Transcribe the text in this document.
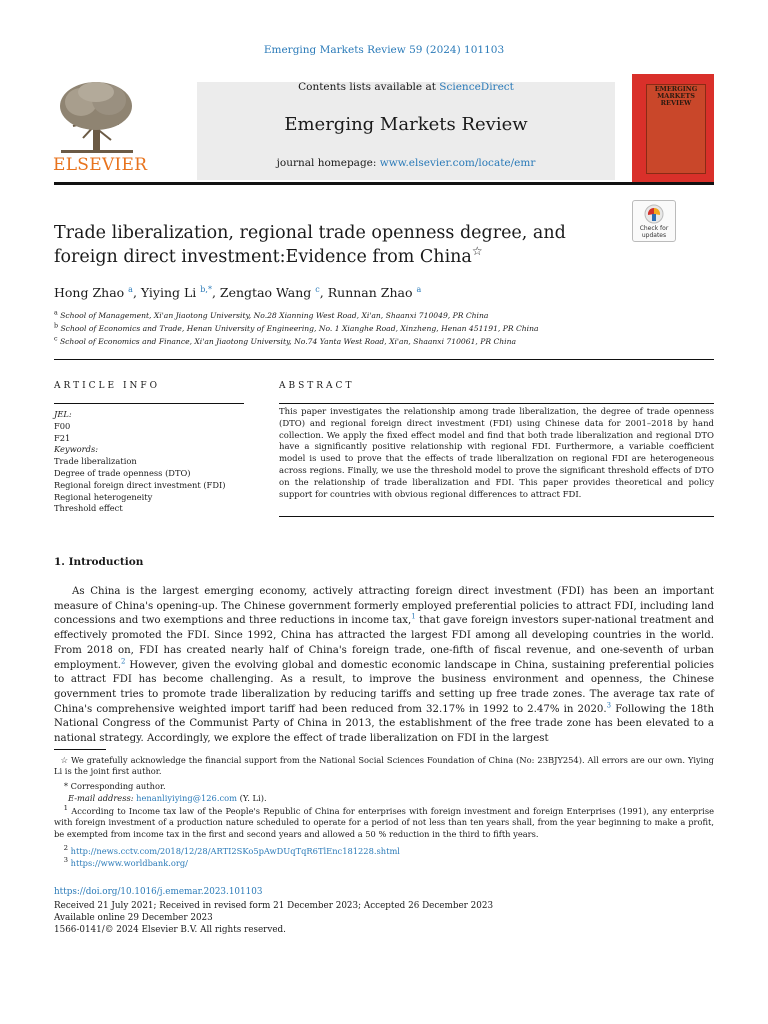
Emerging Markets Review 59 (2024) 101103
ELSEVIER
Contents lists available at ScienceDirect
Emerging Markets Review
journal homepage: www.elsevier.com/locate/emr
EMERGING MARKETS REVIEW
Check for updates
Trade liberalization, regional trade openness degree, and foreign direct investment:Evidence from China☆
Hong Zhao $^a$, Yiying Li $^{b,*}$, Zengtao Wang $^c$, Runnan Zhao $^a$
$^a$ School of Management, Xi'an Jiaotong University, No.28 Xianning West Road, Xi'an, Shaanxi 710049, PR China
$^b$ School of Economics and Trade, Henan University of Engineering, No. 1 Xianghe Road, Xinzheng, Henan 451191, PR China
$^c$ School of Economics and Finance, Xi'an Jiaotong University, No.74 Yanta West Road, Xi'an, Shaanxi 710061, PR China
ARTICLE INFO
JEL:
F00
F21
Keywords:
Trade liberalization
Degree of trade openness (DTO)
Regional foreign direct investment (FDI)
Regional heterogeneity
Threshold effect
ABSTRACT
This paper investigates the relationship among trade liberalization, the degree of trade openness (DTO) and regional foreign direct investment (FDI) using Chinese data for 2001–2018 by hand collection. We apply the fixed effect model and find that both trade liberalization and regional DTO have a significantly positive relationship with regional FDI. Furthermore, a variable coefficient model is used to prove that the effects of trade liberalization on regional FDI are heterogeneous across regions. Finally, we use the threshold model to prove the significant threshold effects of DTO on the relationship of trade liberalization and FDI. This paper provides theoretical and policy support for countries with obvious regional differences to attract FDI.
1. Introduction
As China is the largest emerging economy, actively attracting foreign direct investment (FDI) has been an important measure of China's opening-up. The Chinese government formerly employed preferential policies to attract FDI, including land concessions and two exemptions and three reductions in income tax,$^1$ that gave foreign investors super-national treatment and effectively promoted the FDI. Since 1992, China has attracted the largest FDI among all developing countries in the world. From 2018 on, FDI has created nearly half of China's foreign trade, one-fifth of fiscal revenue, and one-seventh of urban employment.$^2$ However, given the evolving global and domestic economic landscape in China, sustaining preferential policies to attract FDI has become challenging. As a result, to improve the business environment and openness, the Chinese government tries to promote trade liberalization by reducing tariffs and setting up free trade zones. The average tax rate of China's comprehensive weighted import tariff had been reduced from 32.17% in 1992 to 2.47% in 2020.$^3$ Following the 18th National Congress of the Communist Party of China in 2013, the establishment of the free trade zone has been elevated to a national strategy. Accordingly, we explore the effect of trade liberalization on FDI in the largest
☆ We gratefully acknowledge the financial support from the National Social Sciences Foundation of China (No: 23BJY254). All errors are our own. Yiying Li is the joint first author.
* Corresponding author.
E-mail address: henanliyiying@126.com (Y. Li).
$^1$ According to Income tax law of the People's Republic of China for enterprises with foreign investment and foreign Enterprises (1991), any enterprise with foreign investment of a production nature scheduled to operate for a period of not less than ten years shall, from the year beginning to make a profit, be exempted from income tax in the first and second years and allowed a 50 % reduction in the third to fifth years.
$^2$ http://news.cctv.com/2018/12/28/ARTI2SKo5pAwDUqTqR6TlEnc181228.shtml
$^3$ https://www.worldbank.org/
https://doi.org/10.1016/j.ememar.2023.101103
Received 21 July 2021; Received in revised form 21 December 2023; Accepted 26 December 2023
Available online 29 December 2023
1566-0141/© 2024 Elsevier B.V. All rights reserved.
